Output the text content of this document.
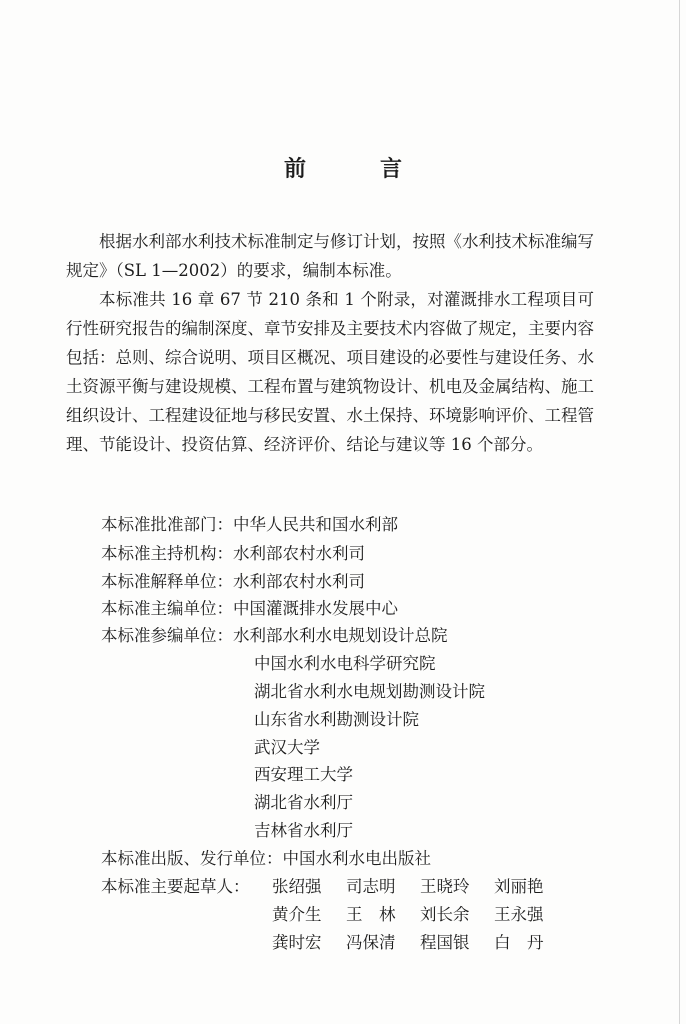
前　言

根据水利部水利技术标准制定与修订计划，按照《水利技术标准编写规定》（SL 1—2002）的要求，编制本标准。

本标准共 16 章 67 节 210 条和 1 个附录，对灌溉排水工程项目可行性研究报告的编制深度、章节安排及主要技术内容做了规定，主要内容包括：总则、综合说明、项目区概况、项目建设的必要性与建设任务、水土资源平衡与建设规模、工程布置与建筑物设计、机电及金属结构、施工组织设计、工程建设征地与移民安置、水土保持、环境影响评价、工程管理、节能设计、投资估算、经济评价、结论与建议等 16 个部分。

本标准批准部门：中华人民共和国水利部
本标准主持机构：水利部农村水利司
本标准解释单位：水利部农村水利司
本标准主编单位：中国灌溉排水发展中心
本标准参编单位：水利部水利水电规划设计总院
中国水利水电科学研究院
湖北省水利水电规划勘测设计院
山东省水利勘测设计院
武汉大学
西安理工大学
湖北省水利厅
吉林省水利厅
本标准出版、发行单位：中国水利水电出版社
本标准主要起草人： 张绍强 司志明 王晓玲 刘丽艳
黄介生 王　林 刘长余 王永强
龚时宏 冯保清 程国银 白　丹
